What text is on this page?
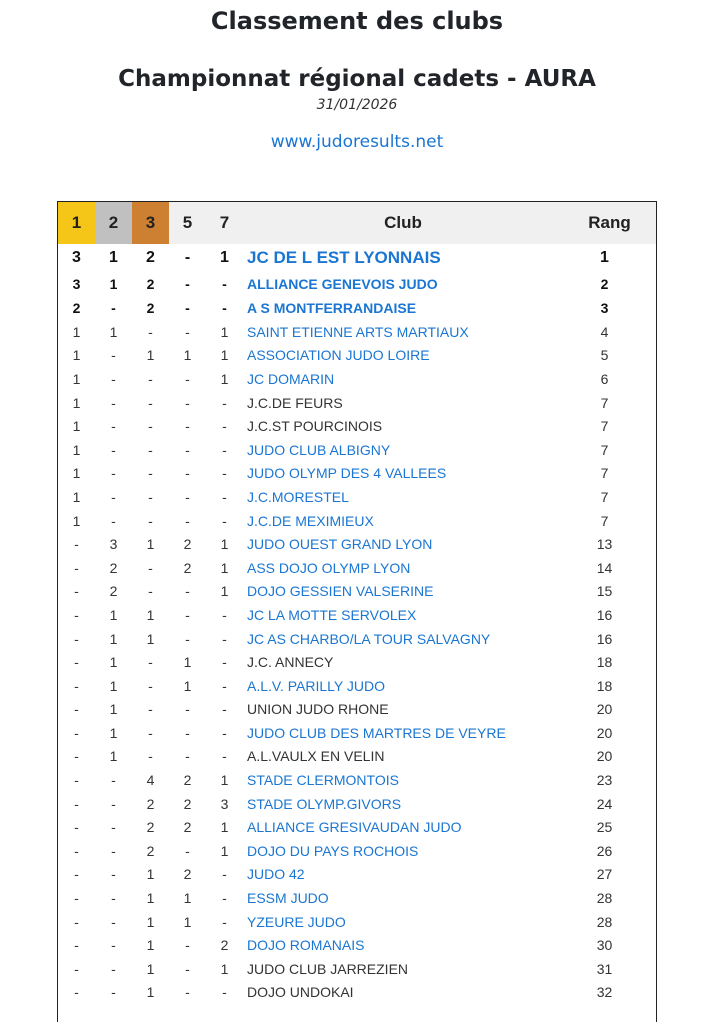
Classement des clubs
Championnat régional cadets - AURA
31/01/2026
www.judoresults.net
1	2	3	5	7	Club	Rang
3	1	2	-	1	JC DE L EST LYONNAIS	1
3	1	2	-	-	ALLIANCE GENEVOIS JUDO	2
2	-	2	-	-	A S MONTFERRANDAISE	3
1	1	-	-	1	SAINT ETIENNE ARTS MARTIAUX	4
1	-	1	1	1	ASSOCIATION JUDO LOIRE	5
1	-	-	-	1	JC DOMARIN	6
1	-	-	-	-	J.C.DE FEURS	7
1	-	-	-	-	J.C.ST POURCINOIS	7
1	-	-	-	-	JUDO CLUB ALBIGNY	7
1	-	-	-	-	JUDO OLYMP DES 4 VALLEES	7
1	-	-	-	-	J.C.MORESTEL	7
1	-	-	-	-	J.C.DE MEXIMIEUX	7
-	3	1	2	1	JUDO OUEST GRAND LYON	13
-	2	-	2	1	ASS DOJO OLYMP LYON	14
-	2	-	-	1	DOJO GESSIEN VALSERINE	15
-	1	1	-	-	JC LA MOTTE SERVOLEX	16
-	1	1	-	-	JC AS CHARBO/LA TOUR SALVAGNY	16
-	1	-	1	-	J.C. ANNECY	18
-	1	-	1	-	A.L.V. PARILLY JUDO	18
-	1	-	-	-	UNION JUDO RHONE	20
-	1	-	-	-	JUDO CLUB DES MARTRES DE VEYRE	20
-	1	-	-	-	A.L.VAULX EN VELIN	20
-	-	4	2	1	STADE CLERMONTOIS	23
-	-	2	2	3	STADE OLYMP.GIVORS	24
-	-	2	2	1	ALLIANCE GRESIVAUDAN JUDO	25
-	-	2	-	1	DOJO DU PAYS ROCHOIS	26
-	-	1	2	-	JUDO 42	27
-	-	1	1	-	ESSM JUDO	28
-	-	1	1	-	YZEURE JUDO	28
-	-	1	-	2	DOJO ROMANAIS	30
-	-	1	-	1	JUDO CLUB JARREZIEN	31
-	-	1	-	-	DOJO UNDOKAI	32
